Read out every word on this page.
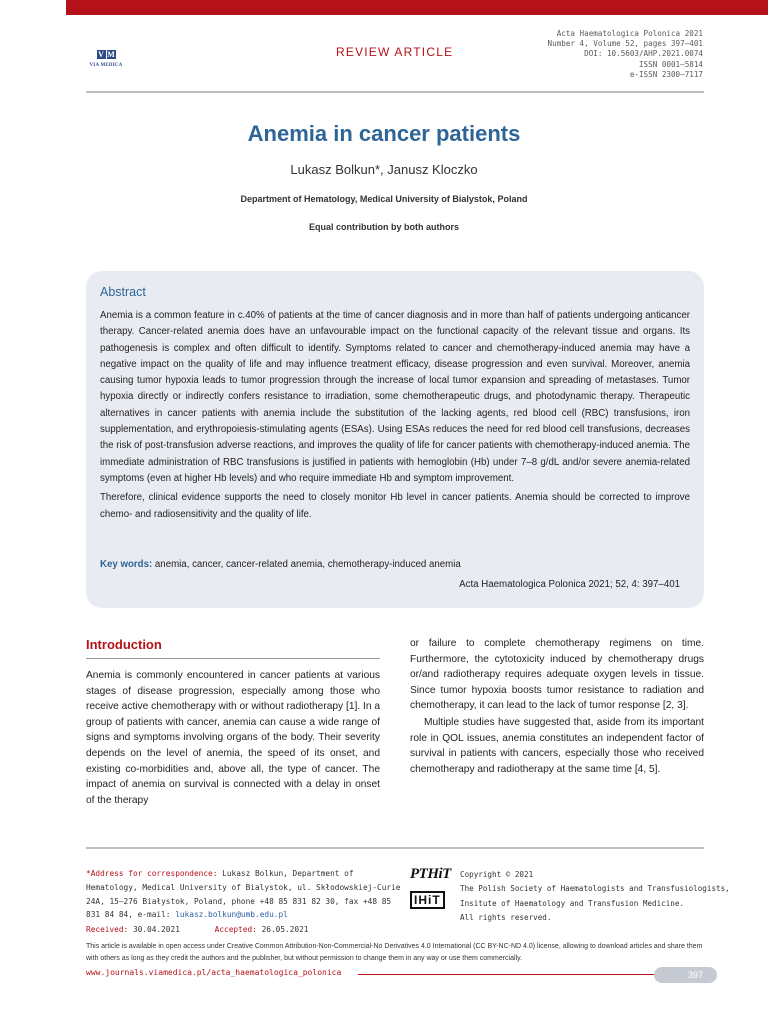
V M
VIA MEDICA
REVIEW ARTICLE
Acta Haematologica Polonica 2021
Number 4, Volume 52, pages 397–401
DOI: 10.5603/AHP.2021.0074
ISSN 0001–5814
e-ISSN 2300–7117
Anemia in cancer patients
Lukasz Bolkun*, Janusz Kloczko
Department of Hematology, Medical University of Bialystok, Poland
Equal contribution by both authors
Abstract

Anemia is a common feature in c.40% of patients at the time of cancer diagnosis and in more than half of patients undergoing anticancer therapy. Cancer-related anemia does have an unfavourable impact on the functional capacity of the relevant tissue and organs. Its pathogenesis is complex and often difficult to identify. Symptoms related to cancer and chemotherapy-induced anemia may have a negative impact on the quality of life and may influence treatment efficacy, disease progression and even survival. Moreover, anemia causing tumor hypoxia leads to tumor progression through the increase of local tumor expansion and spreading of metastases. Tumor hypoxia directly or indirectly confers resistance to irradiation, some chemotherapeutic drugs, and photodynamic therapy. Therapeutic alternatives in cancer patients with anemia include the substitution of the lacking agents, red blood cell (RBC) transfusions, iron supplementation, and erythropoiesis-stimulating agents (ESAs). Using ESAs reduces the need for red blood cell transfusions, decreases the risk of post-transfusion adverse reactions, and improves the quality of life for cancer patients with chemotherapy-induced anemia. The immediate administration of RBC transfusions is justified in patients with hemoglobin (Hb) under 7–8 g/dL and/or severe anemia-related symptoms (even at higher Hb levels) and who require immediate Hb and symptom improvement.

Therefore, clinical evidence supports the need to closely monitor Hb level in cancer patients. Anemia should be corrected to improve chemo- and radiosensitivity and the quality of life.

Key words: anemia, cancer, cancer-related anemia, chemotherapy-induced anemia
Acta Haematologica Polonica 2021; 52, 4: 397–401
Introduction

Anemia is commonly encountered in cancer patients at various stages of disease progression, especially among those who receive active chemotherapy with or without radiotherapy [1]. In a group of patients with cancer, anemia can cause a wide range of signs and symptoms involving organs of the body. Their severity depends on the level of anemia, the speed of its onset, and existing co-morbidities and, above all, the type of cancer. The impact of anemia on survival is connected with a delay in onset of the therapy

or failure to complete chemotherapy regimens on time. Furthermore, the cytotoxicity induced by chemotherapy drugs or/and radiotherapy requires adequate oxygen levels in tissue. Since tumor hypoxia boosts tumor resistance to radiation and chemotherapy, it can lead to the lack of tumor response [2, 3].

Multiple studies have suggested that, aside from its important role in QOL issues, anemia constitutes an independent factor of survival in patients with cancers, especially those who received chemotherapy and radiotherapy at the same time [4, 5].

*Address for correspondence: Lukasz Bolkun, Department of Hematology, Medical University of Bialystok, ul. Skłodowskiej-Curie 24A, 15–276 Białystok, Poland, phone +48 85 831 82 30, fax +48 85 831 84 84, e-mail: lukasz.bolkun@umb.edu.pl
Received: 30.04.2021	Accepted: 26.05.2021
PTHiT
IHiT
Copyright © 2021
The Polish Society of Haematologists and Transfusiologists,
Insitute of Haematology and Transfusion Medicine.
All rights reserved.
This article is available in open access under Creative Common Attribution-Non-Commercial-No Derivatives 4.0 International (CC BY-NC-ND 4.0) license, allowing to download articles and share them with others as long as they credit the authors and the publisher, but without permission to change them in any way or use them commercially.
www.journals.viamedica.pl/acta_haematologica_polonica	397
